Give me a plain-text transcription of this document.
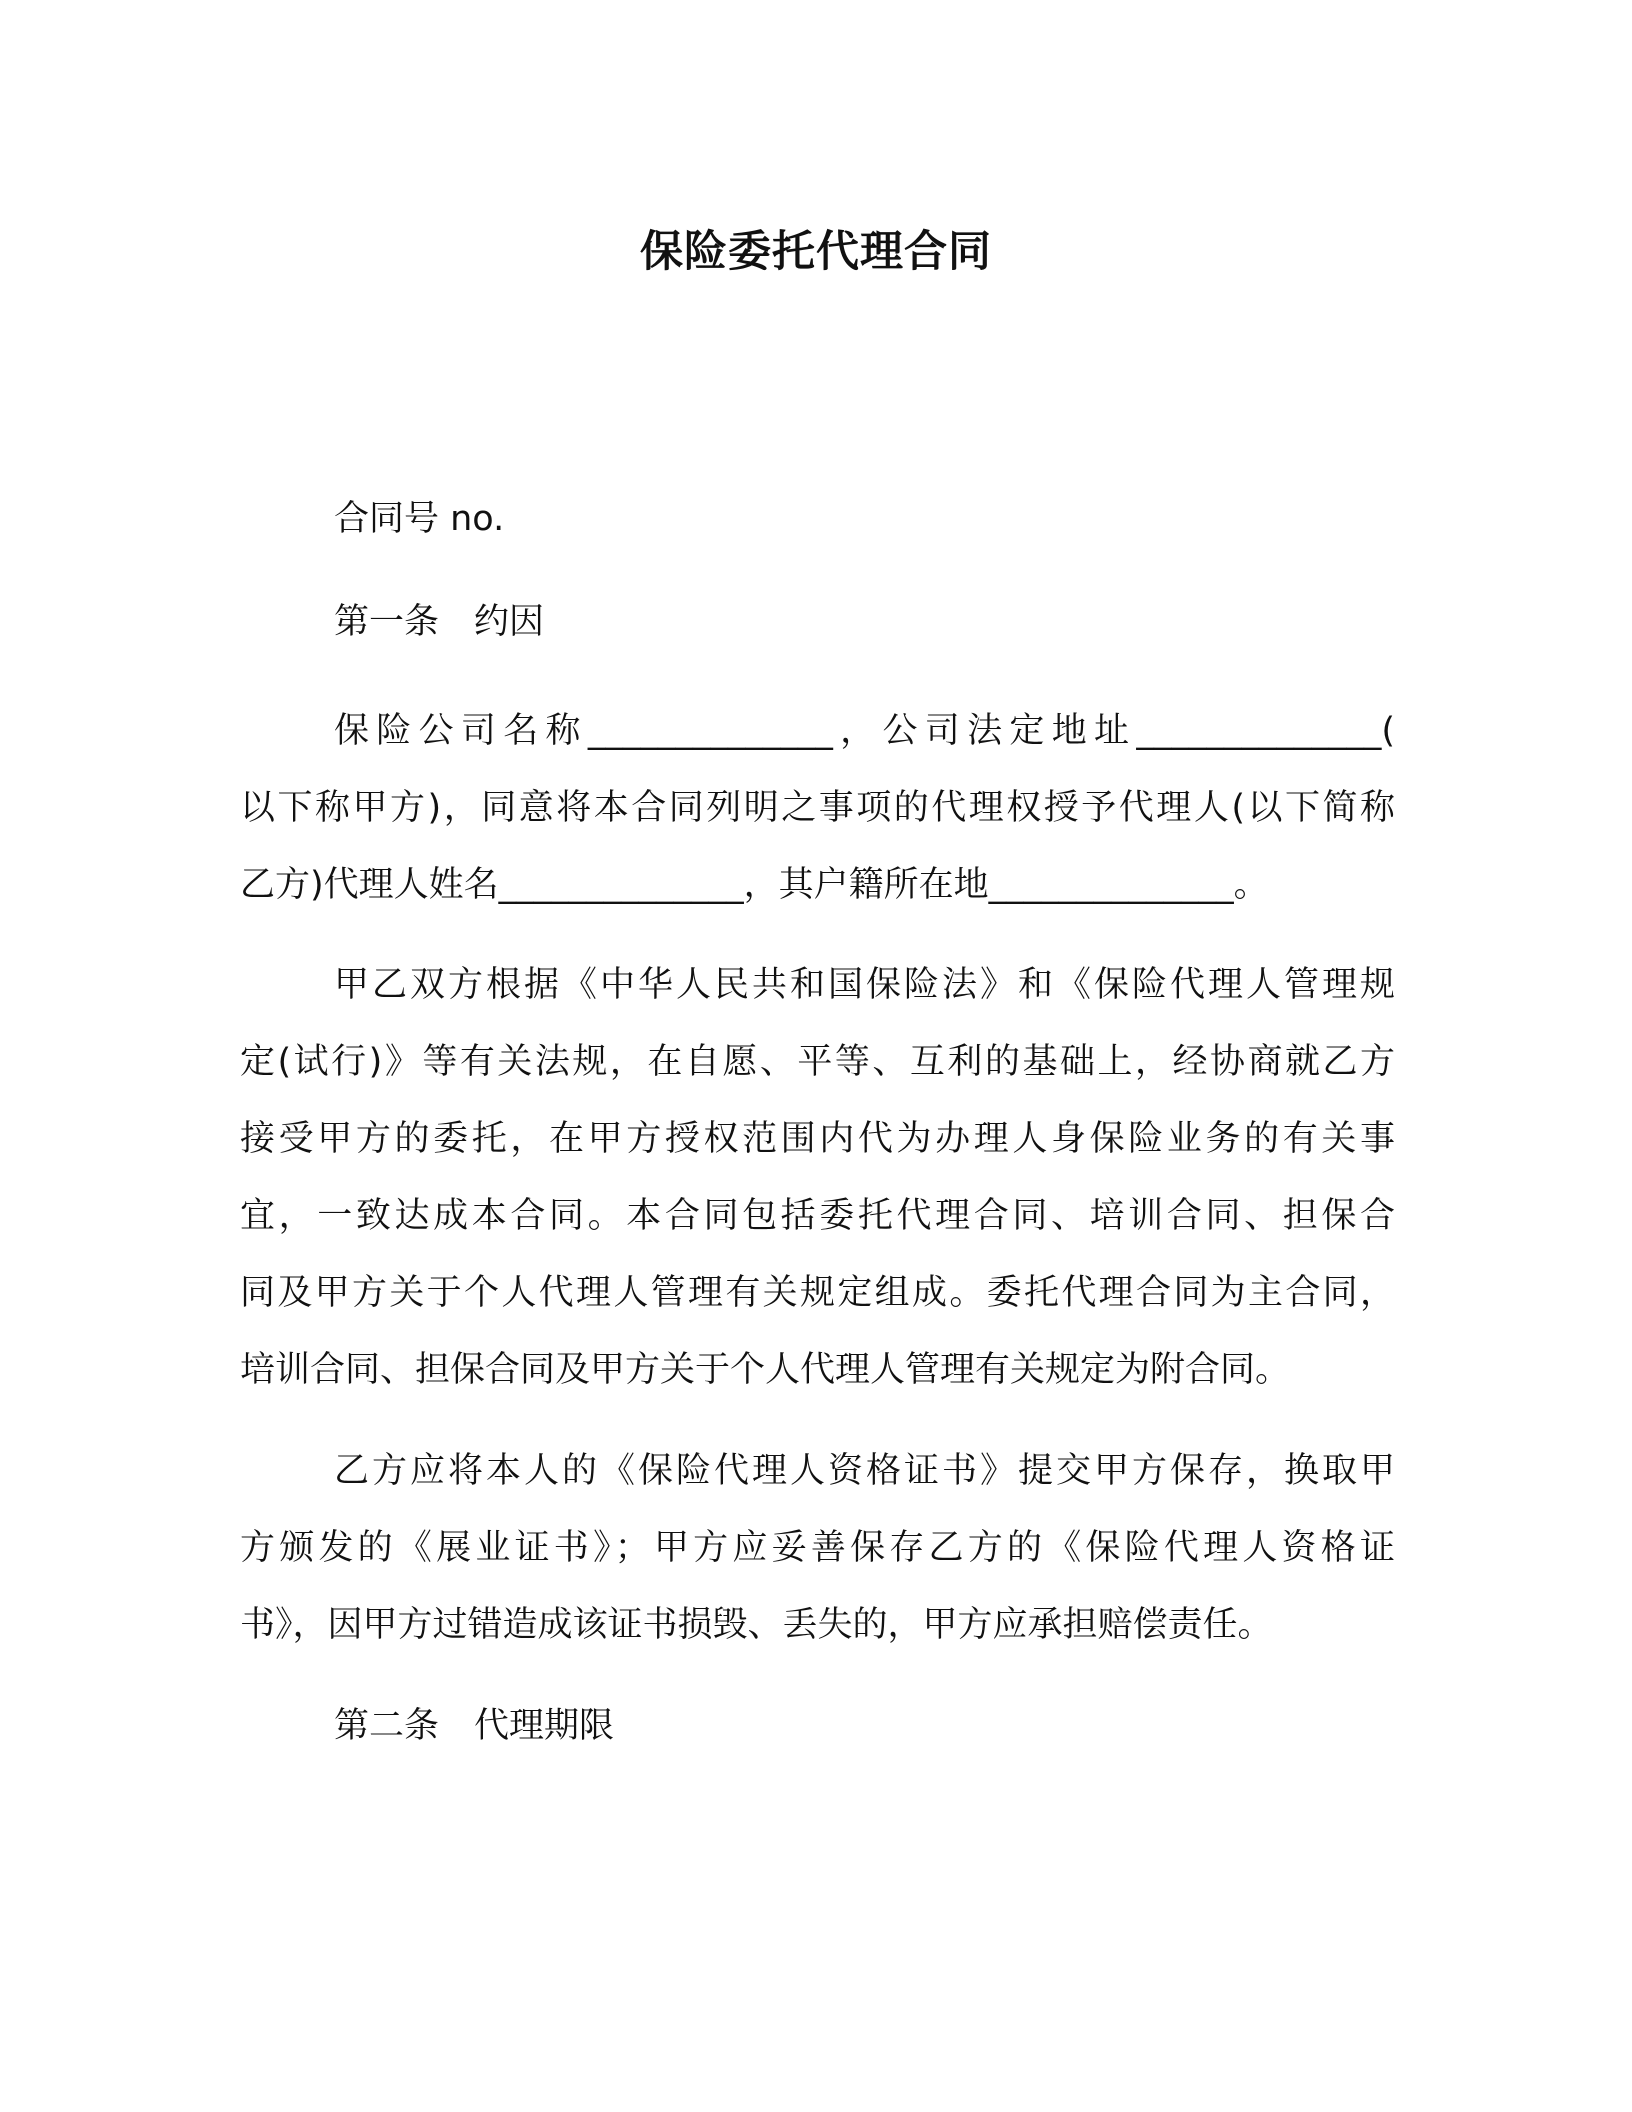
保险委托代理合同
合同号 no.
第一条　约因
保险公司名称______________，公司法定地址______________(
以下称甲方)，同意将本合同列明之事项的代理权授予代理人(以下简称
乙方)代理人姓名______________，其户籍所在地______________。
甲乙双方根据《中华人民共和国保险法》和《保险代理人管理规
定(试行)》等有关法规，在自愿、平等、互利的基础上，经协商就乙方
接受甲方的委托，在甲方授权范围内代为办理人身保险业务的有关事
宜，一致达成本合同。本合同包括委托代理合同、培训合同、担保合
同及甲方关于个人代理人管理有关规定组成。委托代理合同为主合同，
培训合同、担保合同及甲方关于个人代理人管理有关规定为附合同。
乙方应将本人的《保险代理人资格证书》提交甲方保存，换取甲
方颁发的《展业证书》；甲方应妥善保存乙方的《保险代理人资格证
书》，因甲方过错造成该证书损毁、丢失的，甲方应承担赔偿责任。
第二条　代理期限
